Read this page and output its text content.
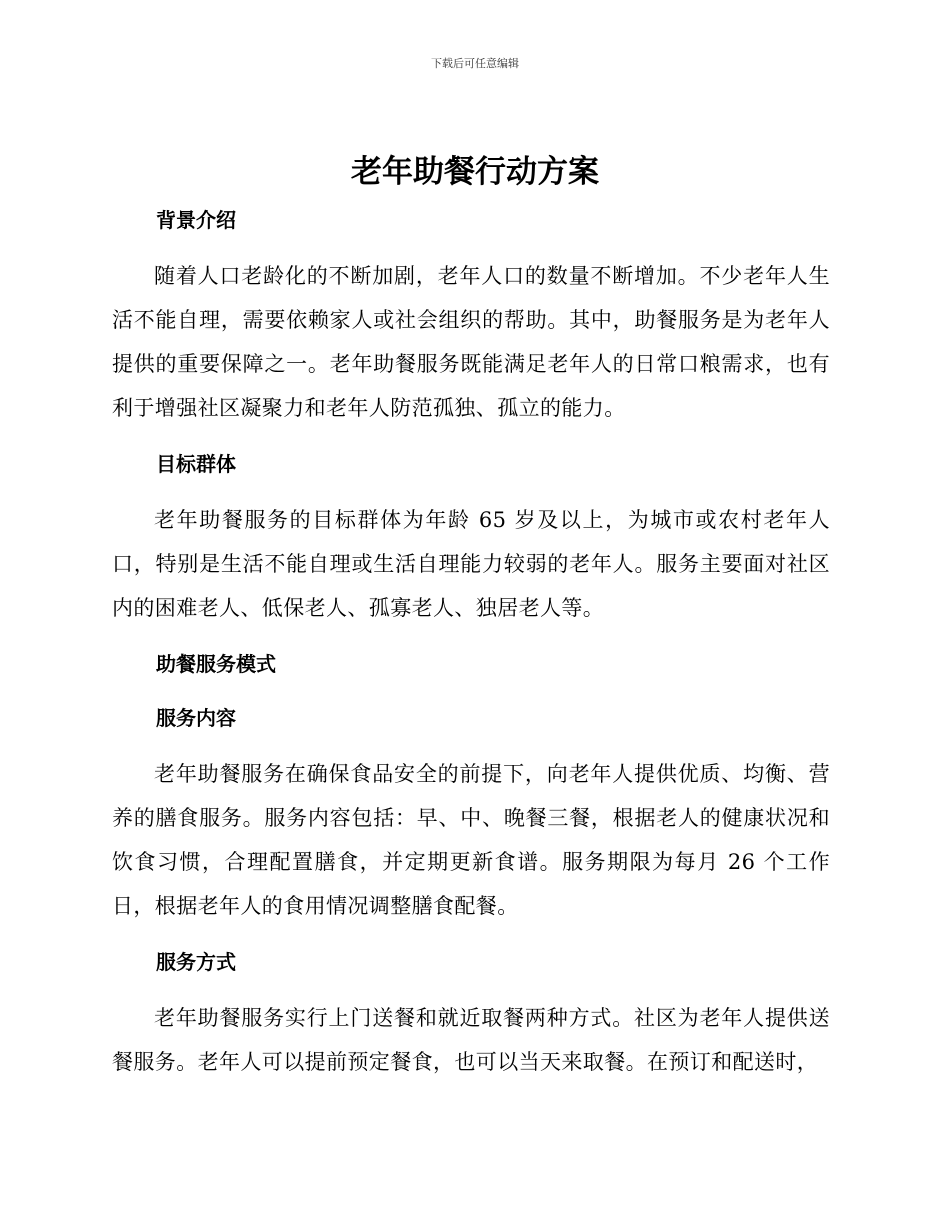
下载后可任意编辑
老年助餐行动方案
背景介绍

随着人口老龄化的不断加剧，老年人口的数量不断增加。不少老年人生活不能自理，需要依赖家人或社会组织的帮助。其中，助餐服务是为老年人提供的重要保障之一。老年助餐服务既能满足老年人的日常口粮需求，也有利于增强社区凝聚力和老年人防范孤独、孤立的能力。

目标群体

老年助餐服务的目标群体为年龄 65 岁及以上，为城市或农村老年人口，特别是生活不能自理或生活自理能力较弱的老年人。服务主要面对社区内的困难老人、低保老人、孤寡老人、独居老人等。

助餐服务模式
服务内容

老年助餐服务在确保食品安全的前提下，向老年人提供优质、均衡、营养的膳食服务。服务内容包括：早、中、晚餐三餐，根据老人的健康状况和饮食习惯，合理配置膳食，并定期更新食谱。服务期限为每月 26 个工作日，根据老年人的食用情况调整膳食配餐。

服务方式

老年助餐服务实行上门送餐和就近取餐两种方式。社区为老年人提供送餐服务。老年人可以提前预定餐食，也可以当天来取餐。在预订和配送时，
